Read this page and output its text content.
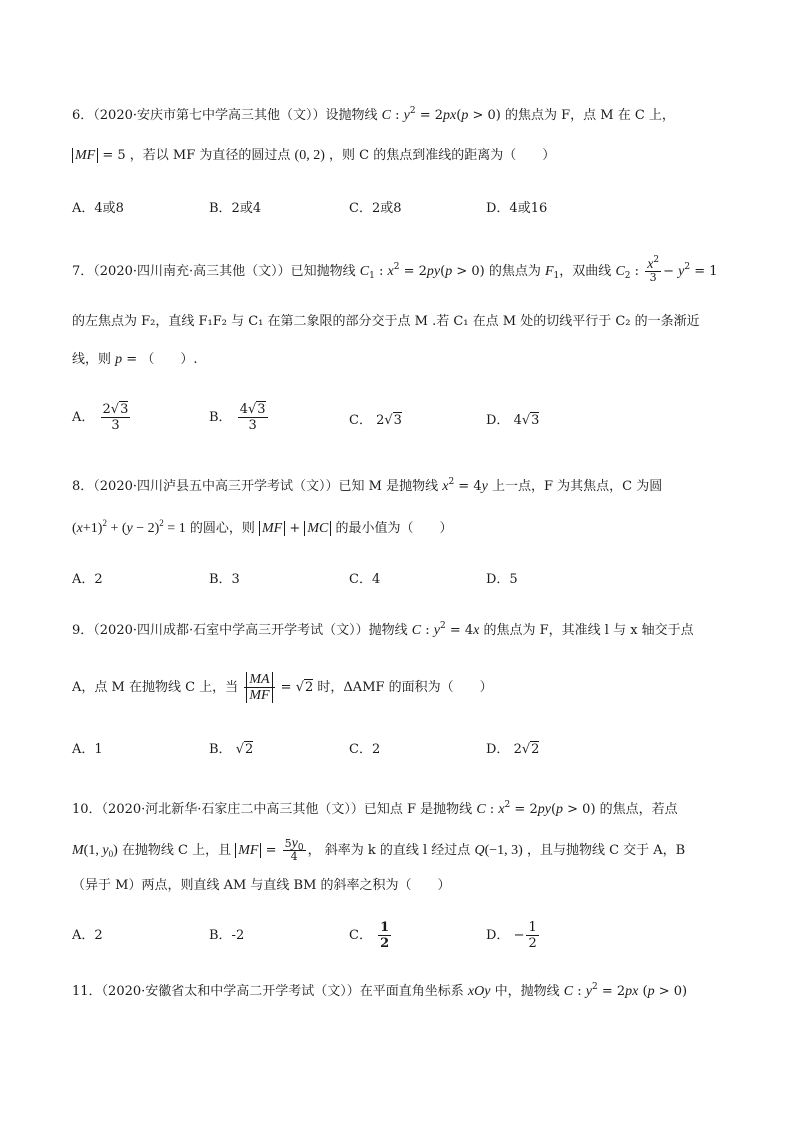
6．（2020·安庆市第七中学高三其他（文））设抛物线 C : $y^2 = 2px(p > 0)$ 的焦点为 F，点 M 在 C 上，
MF = 5 ，若以 MF 为直径的圆过点 (0, 2) ，则 C 的焦点到准线的距离为（　　）
A．4或8	B．2或4	C．2或8	D．4或16
7．（2020·四川南充·高三其他（文））已知抛物线 $C_1$ : $x^2 = 2py(p > 0)$ 的焦点为 $F_1$，双曲线 $C_2$ : $\frac{x^2}{3} - y^2 = 1$
的左焦点为 F₂，直线 F₁F₂ 与 C₁ 在第二象限的部分交于点 M .若 C₁ 在点 M 处的切线平行于 C₂ 的一条渐近
线，则 p = （　　）.
A． $\frac{2√3}{3}$	B． $\frac{4√3}{3}$	C． 2√3	D． 4√3
8．（2020·四川泸县五中高三开学考试（文））已知 M 是抛物线 $x^2 = 4y$ 上一点，F 为其焦点，C 为圆
$(x+1)^2 + (y - 2)^2 = 1$ 的圆心，则 MF + MC 的最小值为（　　）
A．2	B．3	C．4	D．5
9．（2020·四川成都·石室中学高三开学考试（文））抛物线 C : $y^2 = 4x$ 的焦点为 F，其准线 l 与 x 轴交于点
A，点 M 在抛物线 C 上，当 $\frac{MA}{MF} = √2$ 时，ΔAMF 的面积为（　　）
A．1	B． √2	C．2	D． 2√2
10．（2020·河北新华·石家庄二中高三其他（文））已知点 F 是抛物线 C : $x^2 = 2py(p > 0)$ 的焦点，若点
M(1, $y_0$) 在抛物线 C 上，且 MF = $\frac{5y_0}{4}$ ， 斜率为 k 的直线 l 经过点 Q(−1, 3) ，且与抛物线 C 交于 A，B
（异于 M）两点，则直线 AM 与直线 BM 的斜率之积为（　　）
A．2	B．-2	C． $\frac{1}{2}$	D． − $\frac{1}{2}$
11．（2020·安徽省太和中学高二开学考试（文））在平面直角坐标系 xOy 中，抛物线 C : $y^2 = 2px$ (p > 0)
